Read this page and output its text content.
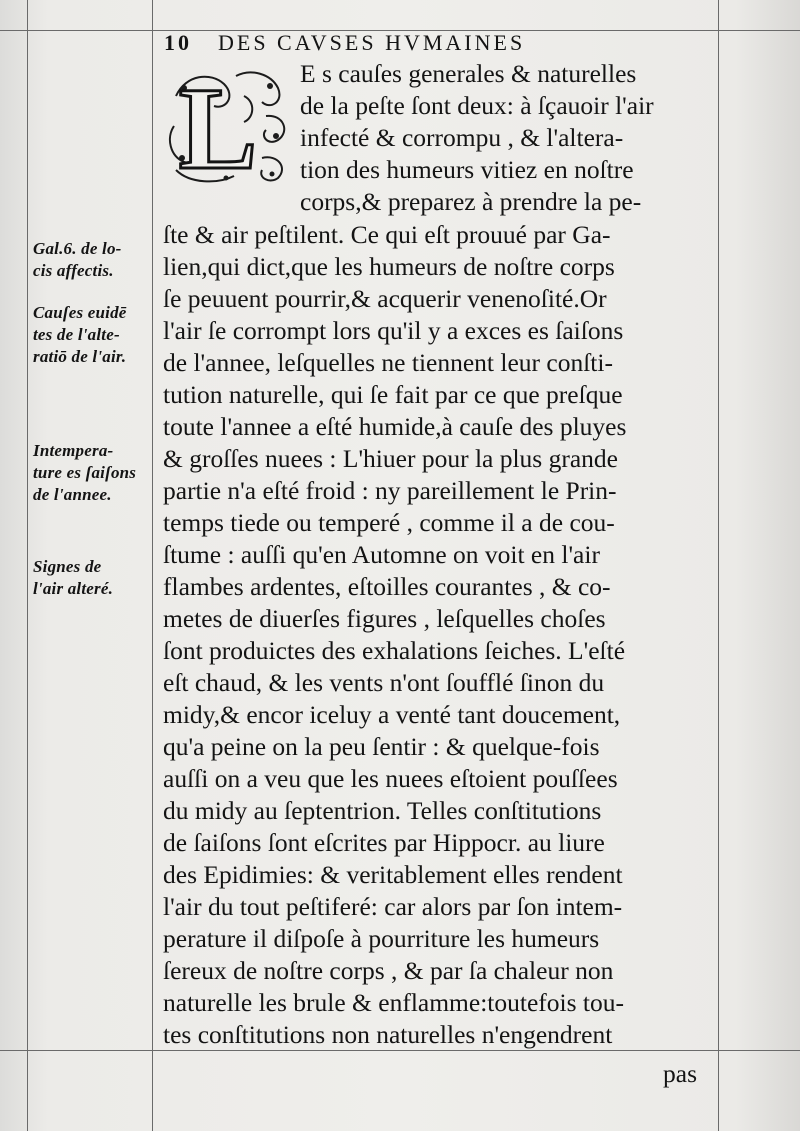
10 DES CAVSES HVMAINES
L E s cauſes generales & naturelles
de la peſte ſont deux: à ſçauoir l'air
infecté & corrompu , & l'altera-
tion des humeurs vitiez en noſtre
corps,& preparez à prendre la pe-
ſte & air peſtilent. Ce qui eſt prouué par Ga-
lien,qui dict,que les humeurs de noſtre corps
ſe peuuent pourrir,& acquerir venenoſité.Or
l'air ſe corrompt lors qu'il y a exces es ſaiſons
de l'annee, leſquelles ne tiennent leur conſti-
tution naturelle, qui ſe fait par ce que preſque
toute l'annee a eſté humide,à cauſe des pluyes
& groſſes nuees : L'hiuer pour la plus grande
partie n'a eſté froid : ny pareillement le Prin-
temps tiede ou temperé , comme il a de cou-
ſtume : auſſi qu'en Automne on voit en l'air
flambes ardentes, eſtoilles courantes , & co-
metes de diuerſes figures , leſquelles choſes
ſont produictes des exhalations ſeiches. L'eſté
eſt chaud, & les vents n'ont ſoufflé ſinon du
midy,& encor iceluy a venté tant doucement,
qu'a peine on la peu ſentir : & quelque-fois
auſſi on a veu que les nuees eſtoient pouſſees
du midy au ſeptentrion. Telles conſtitutions
de ſaiſons ſont eſcrites par Hippocr. au liure
des Epidimies: & veritablement elles rendent
l'air du tout peſtiferé: car alors par ſon intem-
perature il diſpoſe à pourriture les humeurs
ſereux de noſtre corps , & par ſa chaleur non
naturelle les brule & enflamme:toutefois tou-
tes conſtitutions non naturelles n'engendrent
pas
Gal.6. de lo-
cis affectis.
Cauſes euidē
tes de l'alte-
ratiō de l'air.
Intempera-
ture es ſaiſons
de l'annee.
Signes de
l'air alteré.
